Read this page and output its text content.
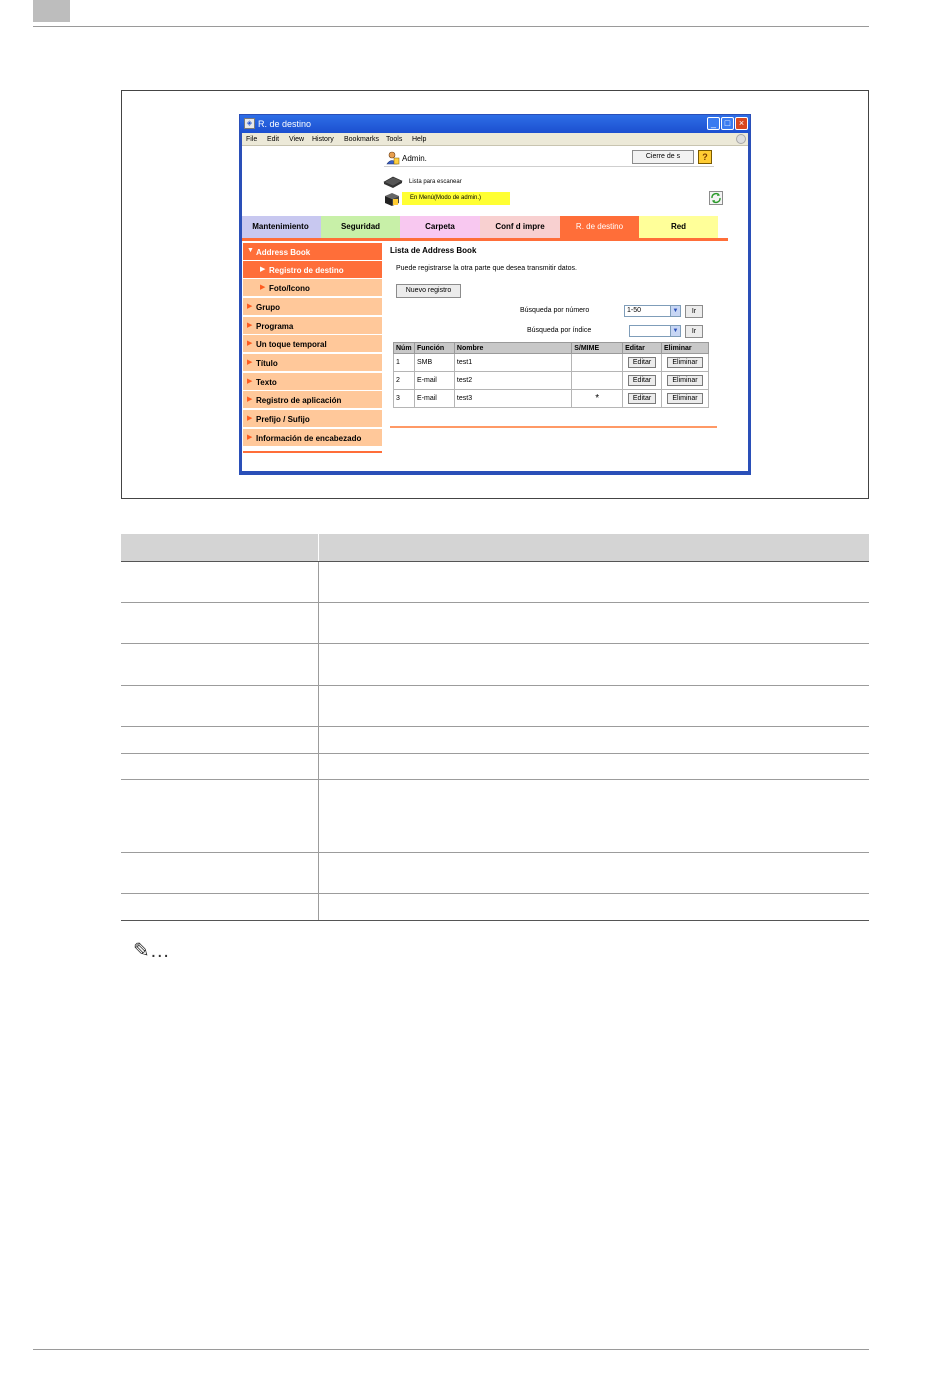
◈ R. de destino	_ □ ×
File Edit View History Bookmarks Tools Help
Admin.	Cierre de s	?
Lista para escanear
En Menú(Modo de admin.)
Mantenimiento	Seguridad	Carpeta	Conf d impre	R. de destino	Red
▼ Address Book
▶ Registro de destino
▶ Foto/Icono
▶ Grupo
▶ Programa
▶ Un toque temporal
▶ Título
▶ Texto
▶ Registro de aplicación
▶ Prefijo / Sufijo
▶ Información de encabezado
Lista de Address Book
Puede registrarse la otra parte que desea transmitir datos.
Nuevo registro
Búsqueda por número	1-50	▼	Ir
Búsqueda por índice	▼	Ir
Núm	Función	Nombre	S/MIME	Editar	Eliminar
1	SMB	test1		Editar	Eliminar
2	E-mail	test2		Editar	Eliminar
3	E-mail	test3	*	Editar	Eliminar

✎…
